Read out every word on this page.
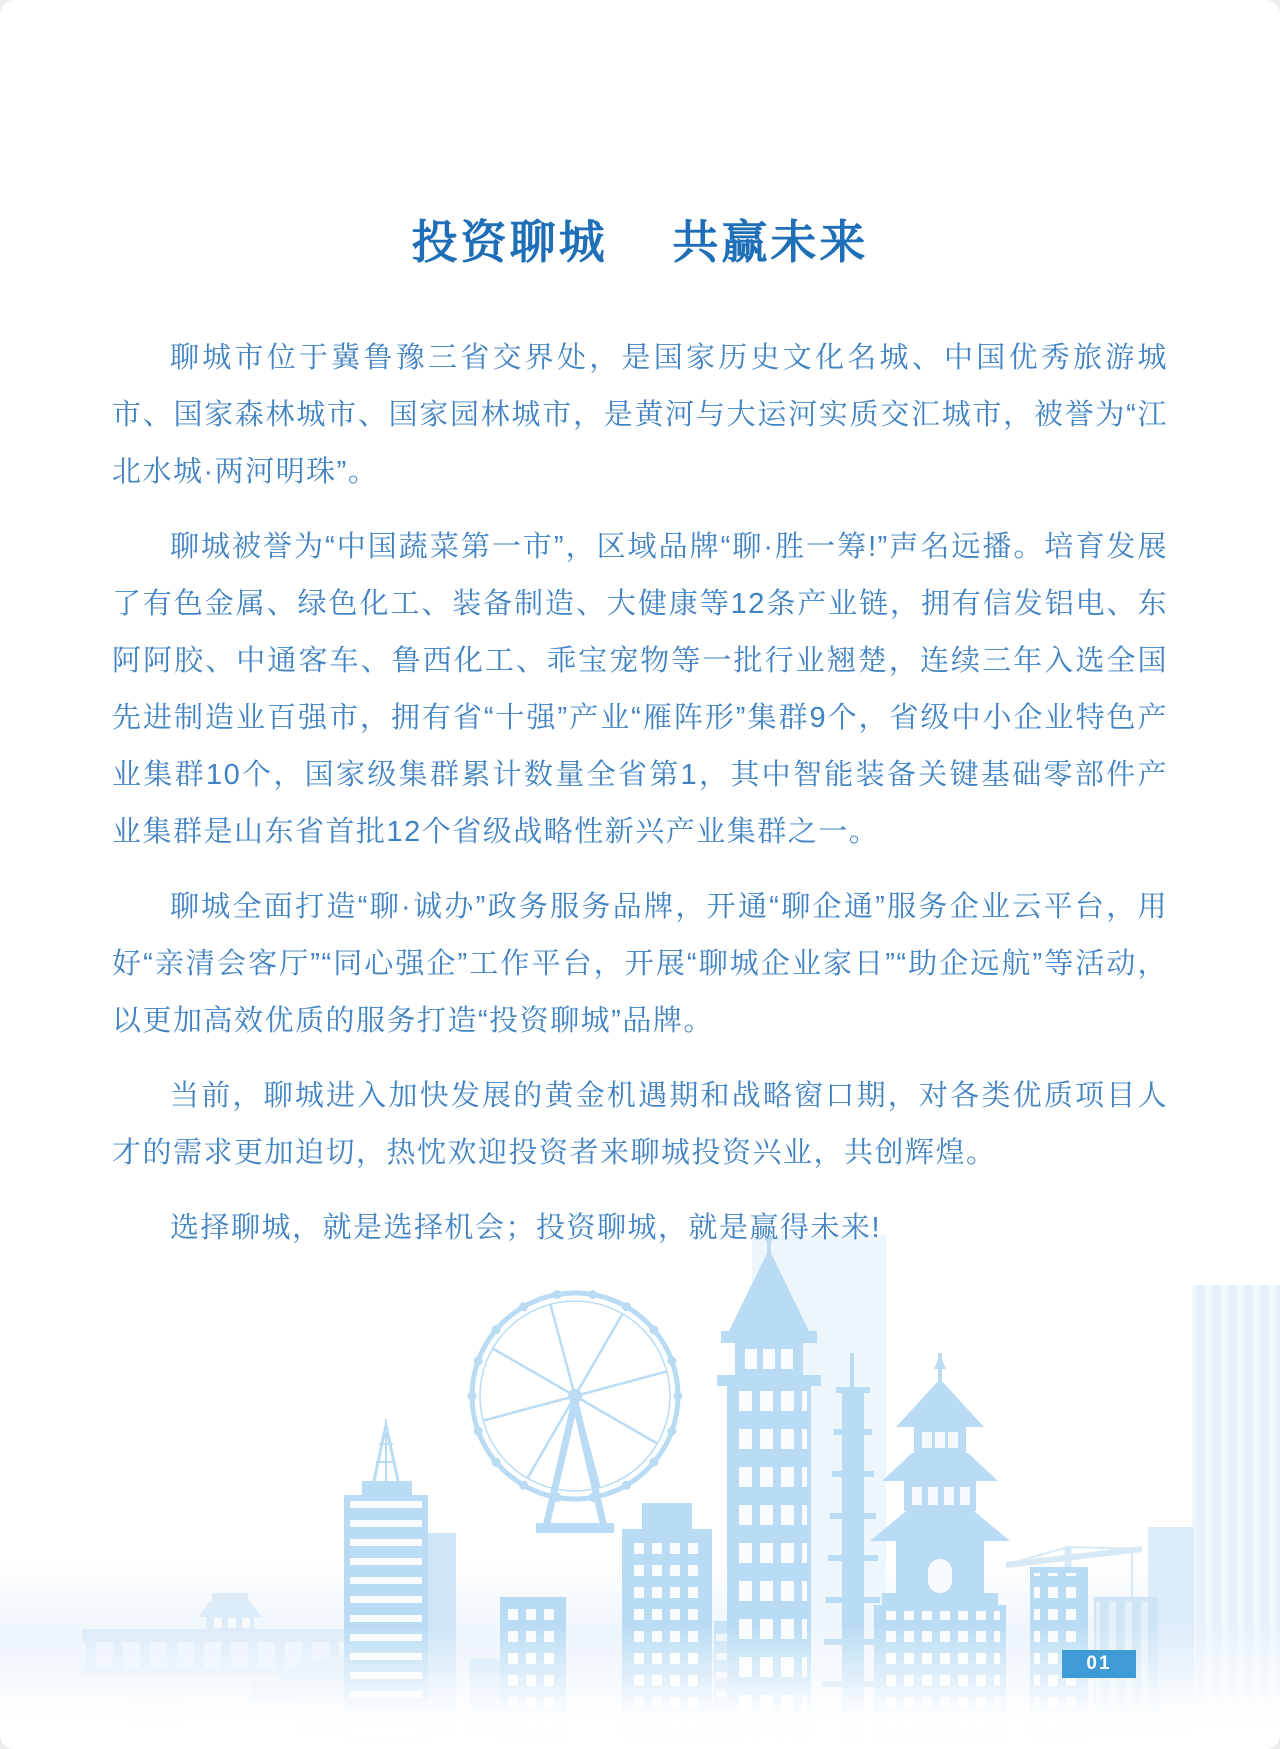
投资聊城　 共赢未来

聊城市位于冀鲁豫三省交界处，是国家历史文化名城、中国优秀旅游城市、国家森林城市、国家园林城市，是黄河与大运河实质交汇城市，被誉为“江北水城·两河明珠”。

聊城被誉为“中国蔬菜第一市”，区域品牌“聊·胜一筹!”声名远播。培育发展了有色金属、绿色化工、装备制造、大健康等12条产业链，拥有信发铝电、东阿阿胶、中通客车、鲁西化工、乖宝宠物等一批行业翘楚，连续三年入选全国先进制造业百强市，拥有省“十强”产业“雁阵形”集群9个，省级中小企业特色产业集群10个，国家级集群累计数量全省第1，其中智能装备关键基础零部件产业集群是山东省首批12个省级战略性新兴产业集群之一。

聊城全面打造“聊·诚办”政务服务品牌，开通“聊企通”服务企业云平台，用好“亲清会客厅”“同心强企”工作平台，开展“聊城企业家日”“助企远航”等活动，以更加高效优质的服务打造“投资聊城”品牌。

当前，聊城进入加快发展的黄金机遇期和战略窗口期，对各类优质项目人才的需求更加迫切，热忱欢迎投资者来聊城投资兴业，共创辉煌。

选择聊城，就是选择机会；投资聊城，就是赢得未来!

01
